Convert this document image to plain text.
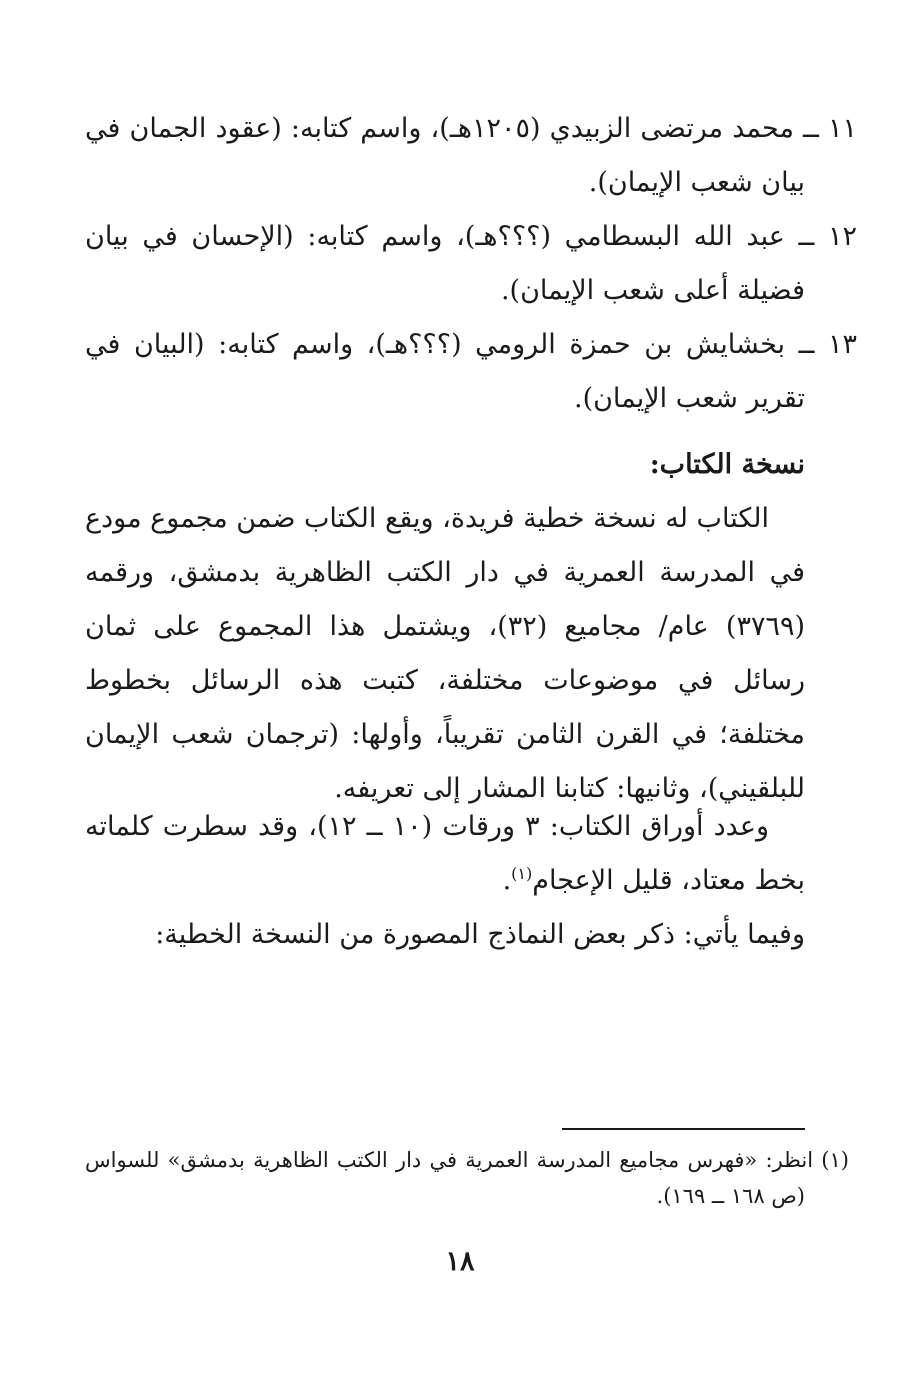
١١ ــ محمد مرتضى الزبيدي (١٢٠٥هـ)، واسم كتابه: (عقود الجمان في بيان شعب الإيمان).

١٢ ــ عبد الله البسطامي (؟؟؟هـ)، واسم كتابه: (الإحسان في بيان فضيلة أعلى شعب الإيمان).

١٣ ــ بخشايش بن حمزة الرومي (؟؟؟هـ)، واسم كتابه: (البيان في تقرير شعب الإيمان).

نسخة الكتاب:

الكتاب له نسخة خطية فريدة، ويقع الكتاب ضمن مجموع مودع في المدرسة العمرية في دار الكتب الظاهرية بدمشق، ورقمه (٣٧٦٩) عام/ مجاميع (٣٢)، ويشتمل هذا المجموع على ثمان رسائل في موضوعات مختلفة، كتبت هذه الرسائل بخطوط مختلفة؛ في القرن الثامن تقريباً، وأولها: (ترجمان شعب الإيمان للبلقيني)، وثانيها: كتابنا المشار إلى تعريفه.

وعدد أوراق الكتاب: ٣ ورقات (١٠ ــ ١٢)، وقد سطرت كلماته بخط معتاد، قليل الإعجام$^{(١)}$.

وفيما يأتي: ذكر بعض النماذج المصورة من النسخة الخطية:

(١) انظر: «فهرس مجاميع المدرسة العمرية في دار الكتب الظاهرية بدمشق» للسواس (ص ١٦٨ ــ ١٦٩).

١٨
